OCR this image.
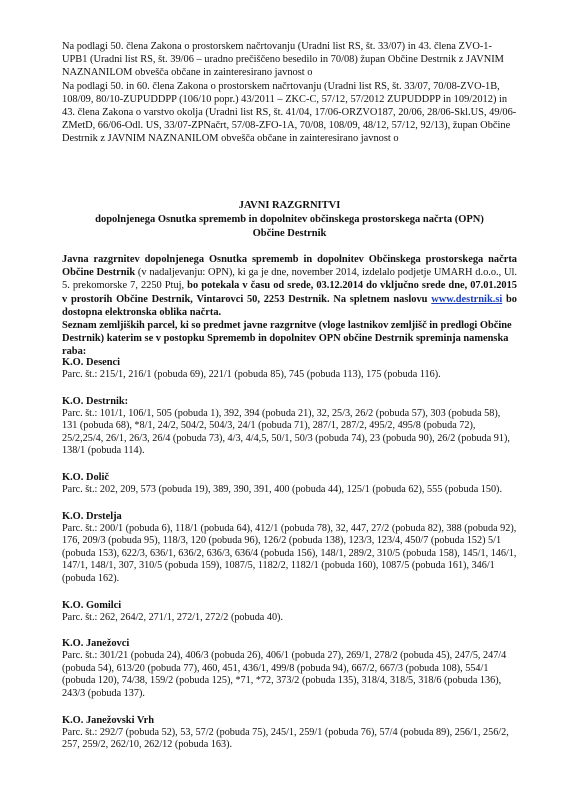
Na podlagi 50. člena Zakona o prostorskem načrtovanju (Uradni list RS, št. 33/07) in 43. člena ZVO-1-UPB1 (Uradni list RS, št. 39/06 – uradno prečiščeno besedilo in 70/08) župan Občine Destrnik z JAVNIM NAZNANILOM obvešča občane in zainteresirano javnost o

Na podlagi 50. in 60. člena Zakona o prostorskem načrtovanju (Uradni list RS, št. 33/07, 70/08-ZVO-1B, 108/09, 80/10-ZUPUDDPP (106/10 popr.) 43/2011 – ZKC-C, 57/12, 57/2012 ZUPUDDPP in 109/2012) in 43. člena Zakona o varstvo okolja (Uradni list RS, št. 41/04, 17/06-ORZVO187, 20/06, 28/06-Skl.US, 49/06-ZMetD, 66/06-Odl. US, 33/07-ZPNačrt, 57/08-ZFO-1A, 70/08, 108/09, 48/12, 57/12, 92/13), župan Občine Destrnik z JAVNIM NAZNANILOM obvešča občane in zainteresirano javnost o

JAVNI RAZGRNITVI
dopolnjenega Osnutka sprememb in dopolnitev občinskega prostorskega načrta (OPN)
Občine Destrnik
Javna razgrnitev dopolnjenega Osnutka sprememb in dopolnitev Občinskega prostorskega načrta Občine Destrnik (v nadaljevanju: OPN), ki ga je dne, november 2014, izdelalo podjetje UMARH d.o.o., Ul. 5. prekomorske 7, 2250 Ptuj, bo potekala v času od srede, 03.12.2014 do vključno srede dne, 07.01.2015 v prostorih Občine Destrnik, Vintarovci 50, 2253 Destrnik. Na spletnem naslovu www.destrnik.si bo dostopna elektronska oblika načrta.
Seznam zemljiških parcel, ki so predmet javne razgrnitve (vloge lastnikov zemljišč in predlogi Občine Destrnik) katerim se v postopku Sprememb in dopolnitev OPN občine Destrnik spreminja namenska raba:
K.O. Desenci

Parc. št.: 215/1, 216/1 (pobuda 69), 221/1 (pobuda 85), 745 (pobuda 113), 175 (pobuda 116).

K.O. Destrnik:

Parc. št.: 101/1, 106/1, 505 (pobuda 1), 392, 394 (pobuda 21), 32, 25/3, 26/2 (pobuda 57), 303 (pobuda 58), 131 (pobuda 68), *8/1, 24/2, 504/2, 504/3, 24/1 (pobuda 71), 287/1, 287/2, 495/2, 495/8 (pobuda 72), 25/2,25/4, 26/1, 26/3, 26/4 (pobuda 73), 4/3, 4/4,5, 50/1, 50/3 (pobuda 74), 23 (pobuda 90), 26/2 (pobuda 91), 138/1 (pobuda 114).

K.O. Dolič

Parc. št.: 202, 209, 573 (pobuda 19), 389, 390, 391, 400 (pobuda 44), 125/1 (pobuda 62), 555 (pobuda 150).

K.O. Drstelja

Parc. št.: 200/1 (pobuda 6), 118/1 (pobuda 64), 412/1 (pobuda 78), 32, 447, 27/2 (pobuda 82), 388 (pobuda 92), 176, 209/3 (pobuda 95), 118/3, 120 (pobuda 96), 126/2 (pobuda 138), 123/3, 123/4, 450/7 (pobuda 152) 5/1 (pobuda 153), 622/3, 636/1, 636/2, 636/3, 636/4 (pobuda 156), 148/1, 289/2, 310/5 (pobuda 158), 145/1, 146/1, 147/1, 148/1, 307, 310/5 (pobuda 159), 1087/5, 1182/2, 1182/1 (pobuda 160), 1087/5 (pobuda 161), 346/1 (pobuda 162).

K.O. Gomilci

Parc. št.: 262, 264/2, 271/1, 272/1, 272/2 (pobuda 40).

K.O. Janežovci

Parc. št.: 301/21 (pobuda 24), 406/3 (pobuda 26), 406/1 (pobuda 27), 269/1, 278/2 (pobuda 45), 247/5, 247/4 (pobuda 54), 613/20 (pobuda 77), 460, 451, 436/1, 499/8 (pobuda 94), 667/2, 667/3 (pobuda 108), 554/1 (pobuda 120), 74/38, 159/2 (pobuda 125), *71, *72, 373/2 (pobuda 135), 318/4, 318/5, 318/6 (pobuda 136), 243/3 (pobuda 137).

K.O. Janežovski Vrh

Parc. št.: 292/7 (pobuda 52), 53, 57/2 (pobuda 75), 245/1, 259/1 (pobuda 76), 57/4 (pobuda 89), 256/1, 256/2, 257, 259/2, 262/10, 262/12 (pobuda 163).
